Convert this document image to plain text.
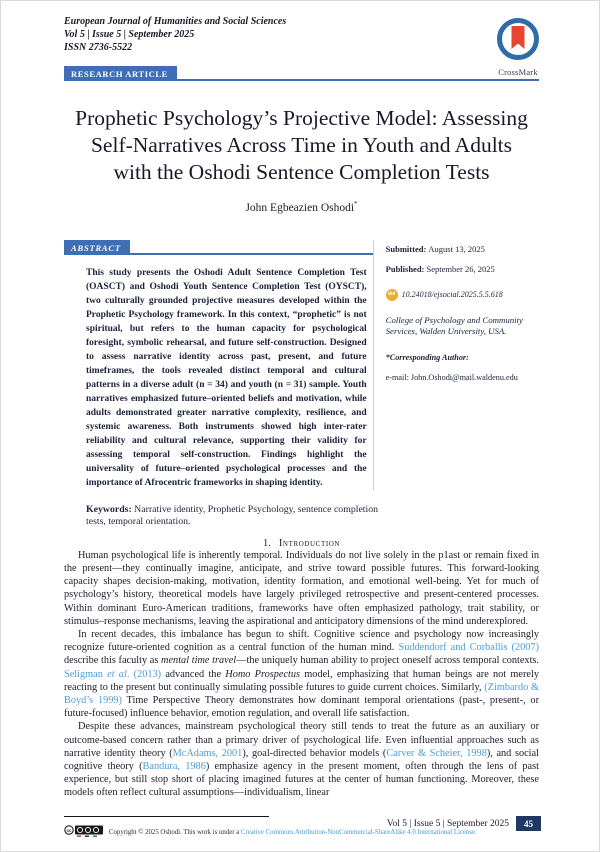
European Journal of Humanities and Social Sciences
Vol 5 | Issue 5 | September 2025
ISSN 2736-5522
CrossMark
RESEARCH ARTICLE
Prophetic Psychology’s Projective Model: Assessing Self-Narratives Across Time in Youth and Adults with the Oshodi Sentence Completion Tests
John Egbeazien Oshodi*
ABSTRACT

This study presents the Oshodi Adult Sentence Completion Test (OASCT) and Oshodi Youth Sentence Completion Test (OYSCT), two culturally grounded projective measures developed within the Prophetic Psychology framework. In this context, “prophetic” is not spiritual, but refers to the human capacity for psychological foresight, symbolic rehearsal, and future self-construction. Designed to assess narrative identity across past, present, and future timeframes, the tools revealed distinct temporal and cultural patterns in a diverse adult (n = 34) and youth (n = 31) sample. Youth narratives emphasized future–oriented beliefs and motivation, while adults demonstrated greater narrative complexity, resilience, and systemic awareness. Both instruments showed high inter-rater reliability and cultural relevance, supporting their validity for assessing temporal self-construction. Findings highlight the universality of future–oriented psychological processes and the importance of Afrocentric frameworks in shaping identity.

Submitted: August 13, 2025

Published: September 26, 2025

doi 10.24018/ejsocial.2025.5.5.618

College of Psychology and Community Services, Walden University, USA.

*Corresponding Author:

e-mail: John.Oshodi@mail.waldenu.edu

Keywords: Narrative identity, Prophetic Psychology, sentence completion tests, temporal orientation.

1. Introduction

Human psychological life is inherently temporal. Individuals do not live solely in the p1ast or remain fixed in the present—they continually imagine, anticipate, and strive toward possible futures. This forward-looking capacity shapes decision-making, motivation, identity formation, and emotional well-being. Yet for much of psychology’s history, theoretical models have largely privileged retrospective and present-centered processes. Within dominant Euro-American traditions, frameworks have often emphasized pathology, trait stability, or stimulus–response mechanisms, leaving the aspirational and anticipatory dimensions of the mind underexplored.

In recent decades, this imbalance has begun to shift. Cognitive science and psychology now increasingly recognize future-oriented cognition as a central function of the human mind. Suddendorf and Corballis (2007) describe this faculty as mental time travel—the uniquely human ability to project oneself across temporal contexts. Seligman et al. (2013) advanced the Homo Prospectus model, emphasizing that human beings are not merely reacting to the present but continually simulating possible futures to guide current choices. Similarly, (Zimbardo & Boyd’s 1999) Time Perspective Theory demonstrates how dominant temporal orientations (past-, present-, or future-focused) influence behavior, emotion regulation, and overall life satisfaction.

Despite these advances, mainstream psychological theory still tends to treat the future as an auxiliary or outcome-based concern rather than a primary driver of psychological life. Even influential approaches such as narrative identity theory (McAdams, 2001), goal-directed behavior models (Carver & Scheier, 1998), and social cognitive theory (Bandura, 1986) emphasize agency in the present moment, often through the lens of past experience, but still stop short of placing imagined futures at the center of human functioning. Moreover, these models often reflect cultural assumptions—individualism, linear

cc	Copyright © 2025 Oshodi. This work is under a Creative Commons Attribution-NonCommercial-ShareAlike 4.0 International License.
Vol 5 | Issue 5 | September 2025	45
